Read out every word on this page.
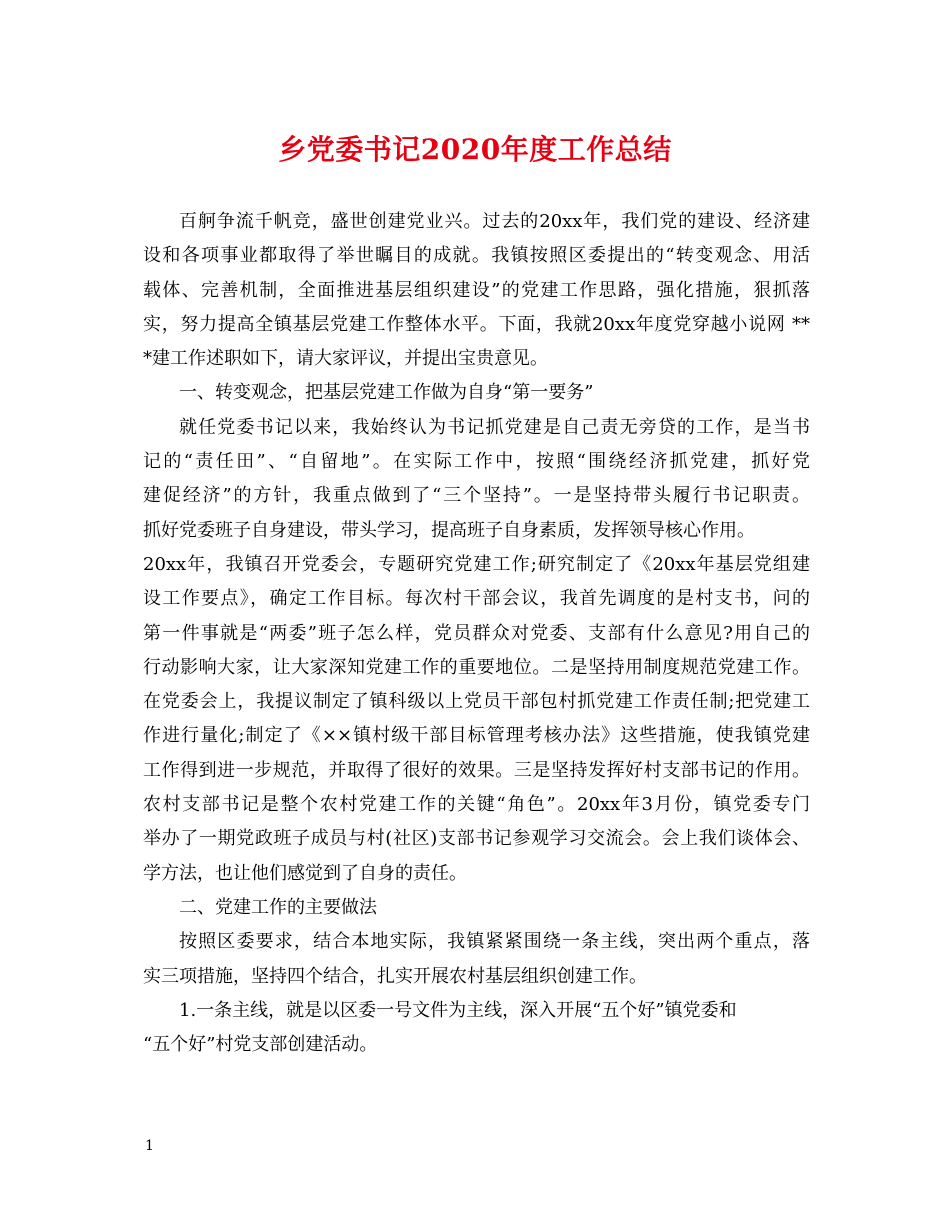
乡党委书记2020年度工作总结
百舸争流千帆竞，盛世创建党业兴。过去的20xx年，我们党的建设、经济建
设和各项事业都取得了举世瞩目的成就。我镇按照区委提出的“转变观念、用活
载体、完善机制，全面推进基层组织建设”的党建工作思路，强化措施，狠抓落
实，努力提高全镇基层党建工作整体水平。下面，我就20xx年度党穿越小说网 **
*建工作述职如下，请大家评议，并提出宝贵意见。
一、转变观念，把基层党建工作做为自身“第一要务”
就任党委书记以来，我始终认为书记抓党建是自己责无旁贷的工作，是当书
记的“责任田”、“自留地”。在实际工作中，按照“围绕经济抓党建，抓好党
建促经济”的方针，我重点做到了“三个坚持”。一是坚持带头履行书记职责。
抓好党委班子自身建设，带头学习，提高班子自身素质，发挥领导核心作用。
20xx年，我镇召开党委会，专题研究党建工作;研究制定了《20xx年基层党组建
设工作要点》，确定工作目标。每次村干部会议，我首先调度的是村支书，问的
第一件事就是“两委”班子怎么样，党员群众对党委、支部有什么意见?用自己的
行动影响大家，让大家深知党建工作的重要地位。二是坚持用制度规范党建工作。
在党委会上，我提议制定了镇科级以上党员干部包村抓党建工作责任制;把党建工
作进行量化;制定了《××镇村级干部目标管理考核办法》这些措施，使我镇党建
工作得到进一步规范，并取得了很好的效果。三是坚持发挥好村支部书记的作用。
农村支部书记是整个农村党建工作的关键“角色”。20xx年3月份，镇党委专门
举办了一期党政班子成员与村(社区)支部书记参观学习交流会。会上我们谈体会、
学方法，也让他们感觉到了自身的责任。
二、党建工作的主要做法
按照区委要求，结合本地实际，我镇紧紧围绕一条主线，突出两个重点，落
实三项措施，坚持四个结合，扎实开展农村基层组织创建工作。
1.一条主线，就是以区委一号文件为主线，深入开展“五个好”镇党委和
“五个好”村党支部创建活动。
1
